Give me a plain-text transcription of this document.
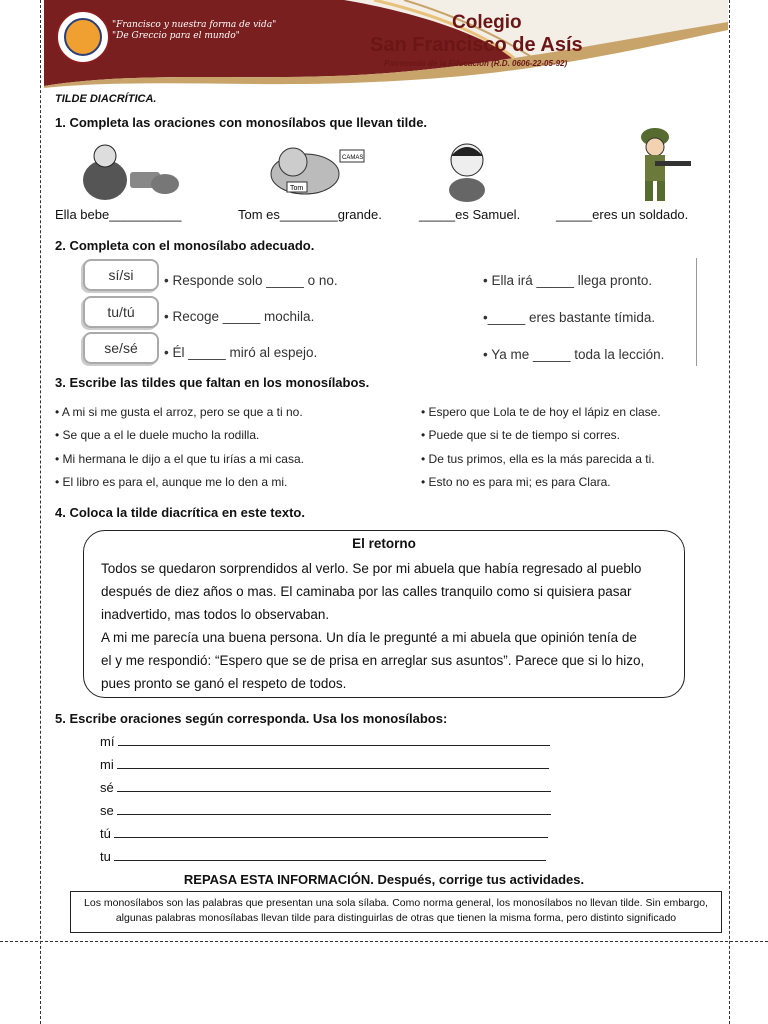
"Francisco y nuestra forma de vida"
"De Greccio para el mundo"
Colegio
San Francisco de Asís
Patrimonio de la Educación (R.D. 0606-22-05-92)
TILDE DIACRÍTICA.
1. Completa las oraciones con monosílabos que llevan tilde.
Tom
CAMAS
Ella bebe__________	Tom es________grande.	_____es Samuel.	_____eres un soldado.
2. Completa con el monosílabo adecuado.
sí/si
tu/tú
se/sé
• Responde solo _____ o no.
• Recoge _____ mochila.
• Él _____ miró al espejo.
• Ella irá _____ llega pronto.
•_____ eres bastante tímida.
• Ya me _____ toda la lección.
3. Escribe las tildes que faltan en los monosílabos.
• A mi si me gusta el arroz, pero se que a ti no.
• Se que a el le duele mucho la rodilla.
• Mi hermana le dijo a el que tu irías a mi casa.
• El libro es para el, aunque me lo den a mi.
• Espero que Lola te de hoy el lápiz en clase.
• Puede que si te de tiempo si corres.
• De tus primos, ella es la más parecida a ti.
• Esto no es para mi; es para Clara.
4. Coloca la tilde diacrítica en este texto.
El retorno

Todos se quedaron sorprendidos al verlo. Se por mi abuela que había regresado al pueblo

después de diez años o mas. El caminaba por las calles tranquilo como si quisiera pasar

inadvertido, mas todos lo observaban.

A mi me parecía una buena persona. Un día le pregunté a mi abuela que opinión tenía de

el y me respondió: “Espero que se de prisa en arreglar sus asuntos”. Parece que si lo hizo,

pues pronto se ganó el respeto de todos.

5. Escribe oraciones según corresponda. Usa los monosílabos:
mí
mi
sé
se
tú
tu
REPASA ESTA INFORMACIÓN. Después, corrige tus actividades.
Los monosílabos son las palabras que presentan una sola sílaba. Como norma general, los monosílabos no llevan tilde. Sin embargo,
algunas palabras monosílabas llevan tilde para distinguirlas de otras que tienen la misma forma, pero distinto significado
